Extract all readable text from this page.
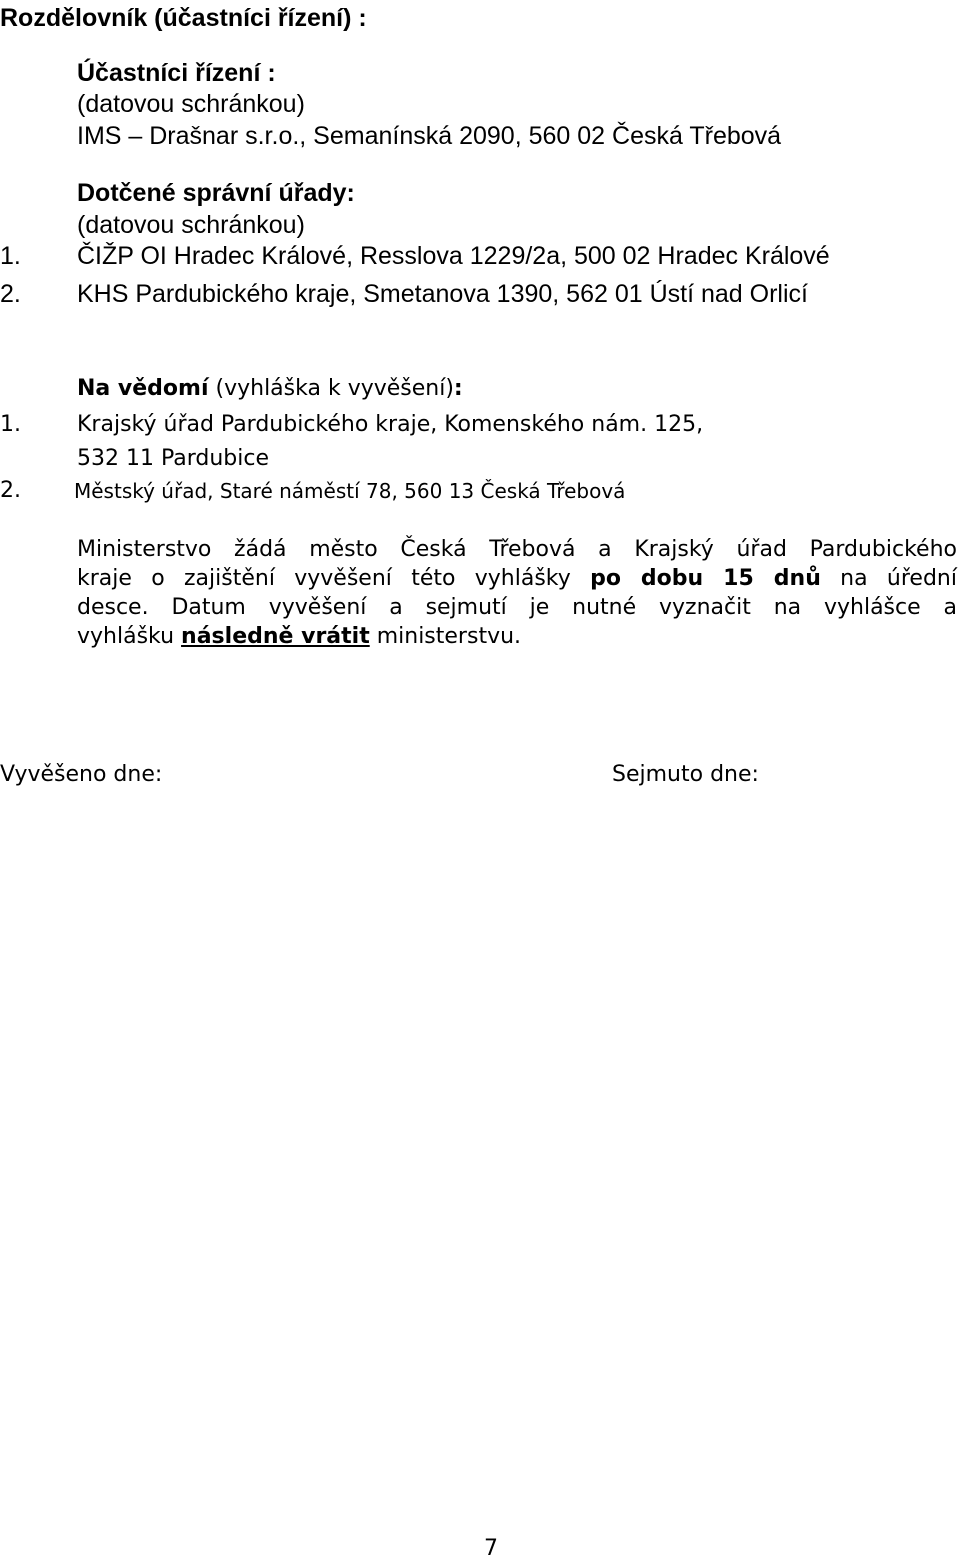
Rozdělovník (účastníci řízení) :
Účastníci řízení :
(datovou schránkou)
IMS – Drašnar s.r.o., Semanínská 2090, 560 02 Česká Třebová
Dotčené správní úřady:
(datovou schránkou)
1. ČIŽP OI Hradec Králové, Resslova 1229/2a, 500 02 Hradec Králové
2. KHS Pardubického kraje, Smetanova 1390, 562 01 Ústí nad Orlicí
Na vědomí (vyhláška k vyvěšení):
1.	Krajský úřad Pardubického kraje, Komenského nám. 125,
532 11 Pardubice
2.	Městský úřad, Staré náměstí 78, 560 13 Česká Třebová
Ministerstvo žádá město Česká Třebová a Krajský úřad Pardubického
kraje o zajištění vyvěšení této vyhlášky po dobu 15 dnů na úřední
desce. Datum vyvěšení a sejmutí je nutné vyznačit na vyhlášce a
vyhlášku následně vrátit ministerstvu.
Vyvěšeno dne:	Sejmuto dne:
7
